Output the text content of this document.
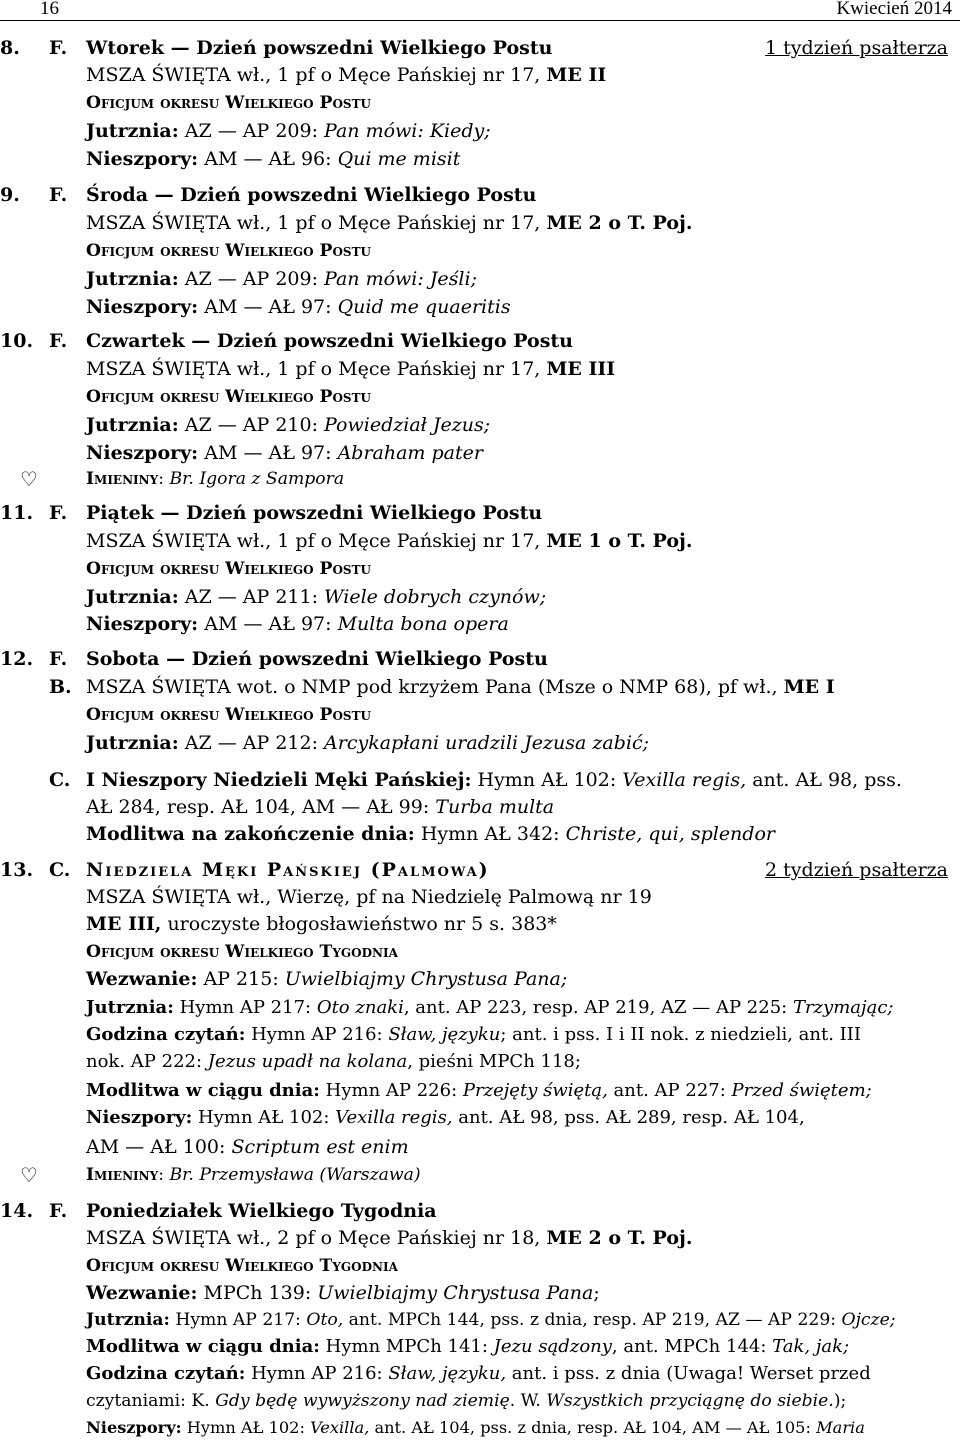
16	Kwiecień 2014
8. F. Wtorek — Dzień powszedni Wielkiego Postu	1 tydzień psałterza
MSZA ŚWIĘTA wł., 1 pf o Męce Pańskiej nr 17, ME II
Oficjum okresu Wielkiego Postu
Jutrznia: AZ — AP 209: Pan mówi: Kiedy;
Nieszpory: AM — AŁ 96: Qui me misit
9. F. Środa — Dzień powszedni Wielkiego Postu
MSZA ŚWIĘTA wł., 1 pf o Męce Pańskiej nr 17, ME 2 o T. Poj.
Oficjum okresu Wielkiego Postu
Jutrznia: AZ — AP 209: Pan mówi: Jeśli;
Nieszpory: AM — AŁ 97: Quid me quaeritis
10. F. Czwartek — Dzień powszedni Wielkiego Postu
MSZA ŚWIĘTA wł., 1 pf o Męce Pańskiej nr 17, ME III
Oficjum okresu Wielkiego Postu
Jutrznia: AZ — AP 210: Powiedział Jezus;
Nieszpory: AM — AŁ 97: Abraham pater
♡	Imieniny: Br. Igora z Sampora
11. F. Piątek — Dzień powszedni Wielkiego Postu
MSZA ŚWIĘTA wł., 1 pf o Męce Pańskiej nr 17, ME 1 o T. Poj.
Oficjum okresu Wielkiego Postu
Jutrznia: AZ — AP 211: Wiele dobrych czynów;
Nieszpory: AM — AŁ 97: Multa bona opera
12. F. Sobota — Dzień powszedni Wielkiego Postu
B. MSZA ŚWIĘTA wot. o NMP pod krzyżem Pana (Msze o NMP 68), pf wł., ME I
Oficjum okresu Wielkiego Postu
Jutrznia: AZ — AP 212: Arcykapłani uradzili Jezusa zabić;
C. I Nieszpory Niedzieli Męki Pańskiej: Hymn AŁ 102: Vexilla regis, ant. AŁ 98, pss.
AŁ 284, resp. AŁ 104, AM — AŁ 99: Turba multa
Modlitwa na zakończenie dnia: Hymn AŁ 342: Christe, qui, splendor
13. C. Niedziela Męki Pańskiej (Palmowa)	2 tydzień psałterza
MSZA ŚWIĘTA wł., Wierzę, pf na Niedzielę Palmową nr 19
ME III, uroczyste błogosławieństwo nr 5 s. 383*
Oficjum okresu Wielkiego Tygodnia
Wezwanie: AP 215: Uwielbiajmy Chrystusa Pana;
Jutrznia: Hymn AP 217: Oto znaki, ant. AP 223, resp. AP 219, AZ — AP 225: Trzymając;
Godzina czytań: Hymn AP 216: Sław, języku; ant. i pss. I i II nok. z niedzieli, ant. III
nok. AP 222: Jezus upadł na kolana, pieśni MPCh 118;
Modlitwa w ciągu dnia: Hymn AP 226: Przejęty świętą, ant. AP 227: Przed świętem;
Nieszpory: Hymn AŁ 102: Vexilla regis, ant. AŁ 98, pss. AŁ 289, resp. AŁ 104,
AM — AŁ 100: Scriptum est enim
♡	Imieniny: Br. Przemysława (Warszawa)
14. F. Poniedziałek Wielkiego Tygodnia
MSZA ŚWIĘTA wł., 2 pf o Męce Pańskiej nr 18, ME 2 o T. Poj.
Oficjum okresu Wielkiego Tygodnia
Wezwanie: MPCh 139: Uwielbiajmy Chrystusa Pana;
Jutrznia: Hymn AP 217: Oto, ant. MPCh 144, pss. z dnia, resp. AP 219, AZ — AP 229: Ojcze;
Modlitwa w ciągu dnia: Hymn MPCh 141: Jezu sądzony, ant. MPCh 144: Tak, jak;
Godzina czytań: Hymn AP 216: Sław, języku, ant. i pss. z dnia (Uwaga! Werset przed
czytaniami: K. Gdy będę wywyższony nad ziemię. W. Wszystkich przyciągnę do siebie.);
Nieszpory: Hymn AŁ 102: Vexilla, ant. AŁ 104, pss. z dnia, resp. AŁ 104, AM — AŁ 105: Maria
